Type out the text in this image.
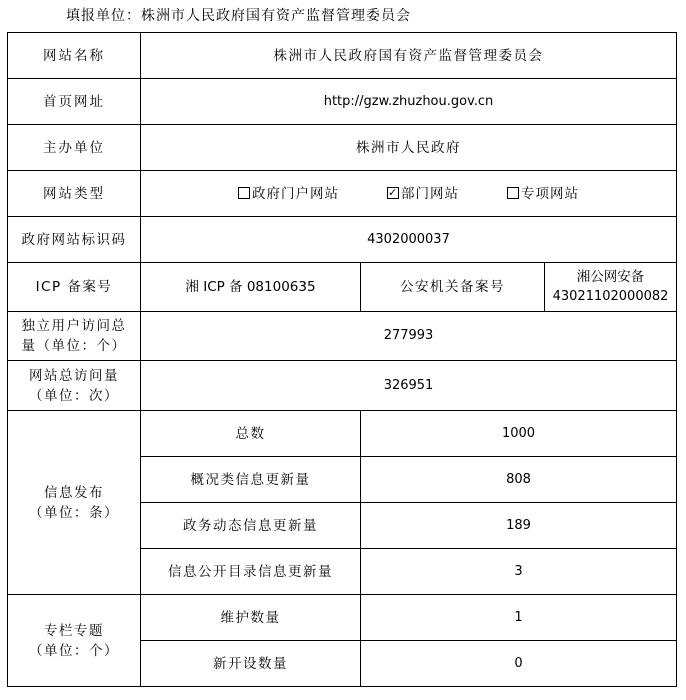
填报单位：株洲市人民政府国有资产监督管理委员会
网站名称	株洲市人民政府国有资产监督管理委员会		
首页网址	http://gzw.zhuzhou.gov.cn		
主办单位	株洲市人民政府		
网站类型	政府门户网站 ✓ 部门网站 专项网站
政府网站标识码	4302000037		
ICP 备案号	湘 ICP 备 08100635	公安机关备案号	湘公网安备
43021102000082

独立用户访问总
量（单位：个）	277993		

网站总访问量
（单位：次）	326951		

信息发布
（单位：条）	总数	1000	
	概况类信息更新量	808	
	政务动态信息更新量	189	
	信息公开目录信息更新量	3	

专栏专题
（单位：个）	维护数量	1	
	新开设数量	0	
